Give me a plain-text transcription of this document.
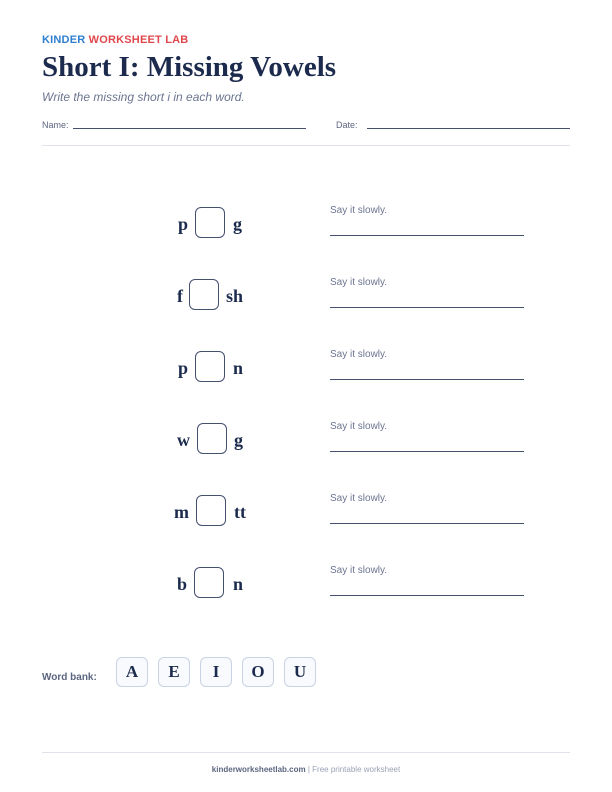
KINDER WORKSHEET LAB
Short I: Missing Vowels
Write the missing short i in each word.
Name:	Date:
p	g
Say it slowly.
f sh
Say it slowly.
p	n
Say it slowly.
w g
Say it slowly.
m	tt
Say it slowly.
b	n
Say it slowly.
Word bank:	A	E	I	O	U
kinderworksheetlab.com | Free printable worksheet
